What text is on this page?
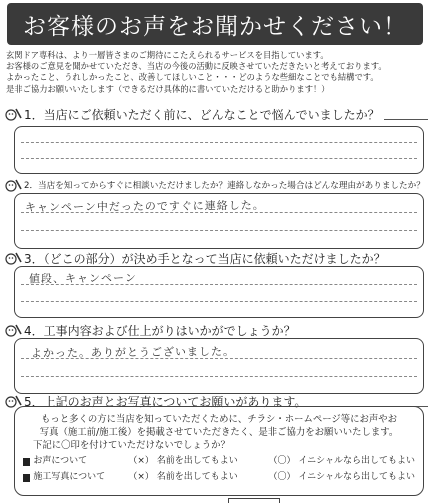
お客様のお声をお聞かせください！
玄関ドア専科は、より一層皆さまのご期待にこたえられるサービスを目指しています。
お客様のご意見を聞かせていただき、当店の今後の活動に反映させていただきたいと考えております。
よかったこと、うれしかったこと、改善してほしいこと・・・どのような些細なことでも結構です。
是非ご協力お願いいたします（できるだけ具体的に書いていただけると助かります！）
1．当店にご依頼いただく前に、どんなことで悩んでいましたか？
2．当店を知ってからすぐに相談いただけましたか？連絡しなかった場合はどんな理由がありましたか？
キャンペーン中だったのですぐに連絡した。
3．（どこの部分）が決め手となって当店に依頼いただけましたか？
値段、キャンペーン
4．工事内容および仕上がりはいかがでしょうか？
よかった。ありがとうございました。
5．上記のお声とお写真についてお願いがあります。
もっと多くの方に当店を知っていただくために、チラシ・ホームページ等にお声やお
写真（施工前/施工後）を掲載させていただきたく、是非ご協力をお願いいたします。
下記に〇印を付けていただけないでしょうか？
お声について	（×） 名前を出してもよい	（〇） イニシャルなら出してもよい
施工写真について	（×） 名前を出してもよい	（〇） イニシャルなら出してもよい
